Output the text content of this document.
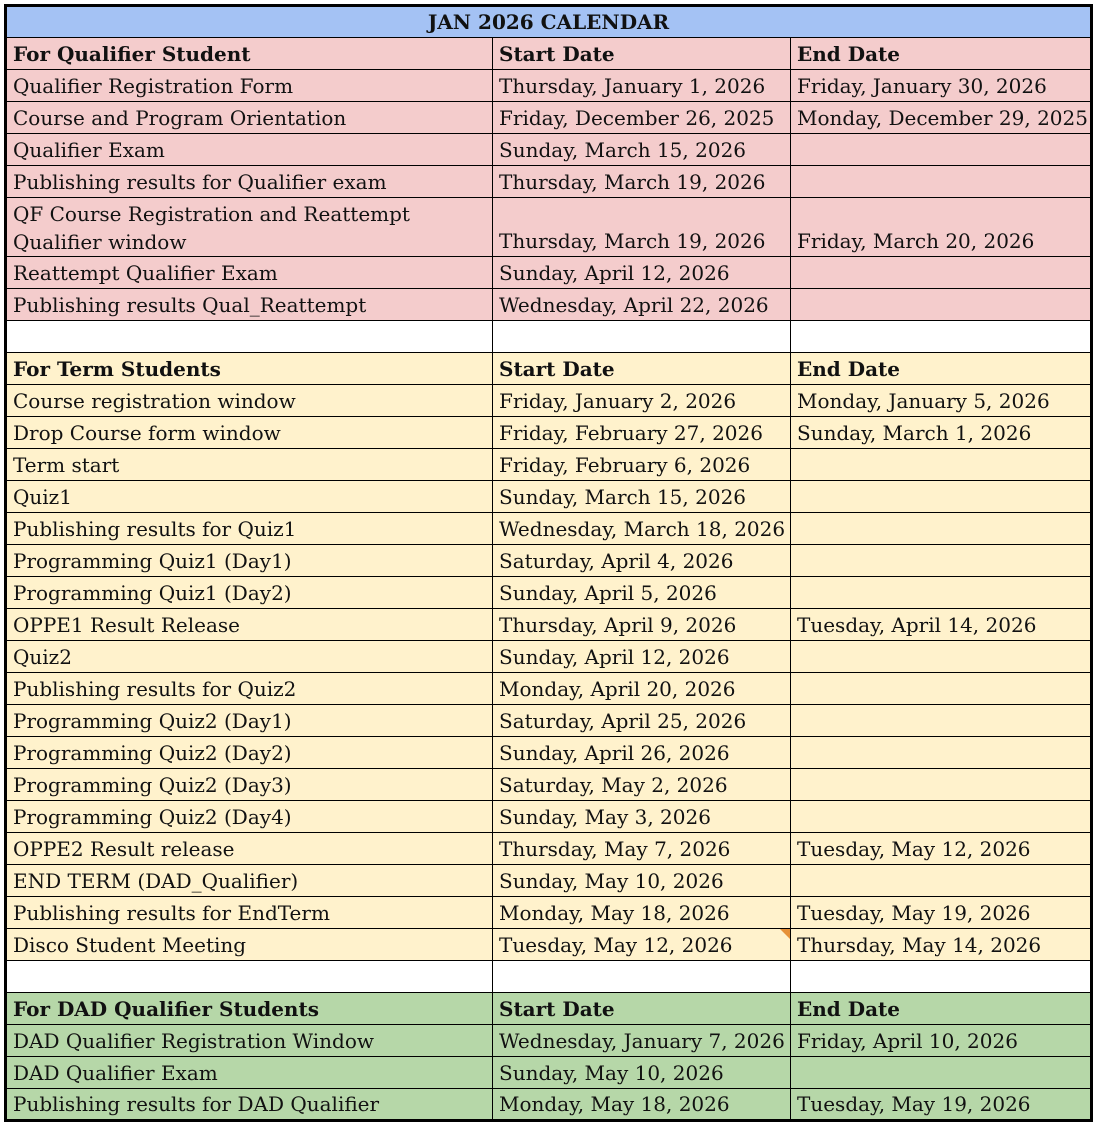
JAN 2026 CALENDAR		
For Qualifier Student	Start Date	End Date
Qualifier Registration Form	Thursday, January 1, 2026	Friday, January 30, 2026
Course and Program Orientation	Friday, December 26, 2025	Monday, December 29, 2025
Qualifier Exam	Sunday, March 15, 2026	
Publishing results for Qualifier exam	Thursday, March 19, 2026	
QF Course Registration and Reattempt Qualifier window	Thursday, March 19, 2026	Friday, March 20, 2026
Reattempt Qualifier Exam	Sunday, April 12, 2026	
Publishing results Qual_Reattempt	Wednesday, April 22, 2026	

For Term Students	Start Date	End Date
Course registration window	Friday, January 2, 2026	Monday, January 5, 2026
Drop Course form window	Friday, February 27, 2026	Sunday, March 1, 2026
Term start	Friday, February 6, 2026	
Quiz1	Sunday, March 15, 2026	
Publishing results for Quiz1	Wednesday, March 18, 2026	
Programming Quiz1 (Day1)	Saturday, April 4, 2026	
Programming Quiz1 (Day2)	Sunday, April 5, 2026	
OPPE1 Result Release	Thursday, April 9, 2026	Tuesday, April 14, 2026
Quiz2	Sunday, April 12, 2026	
Publishing results for Quiz2	Monday, April 20, 2026	
Programming Quiz2 (Day1)	Saturday, April 25, 2026	
Programming Quiz2 (Day2)	Sunday, April 26, 2026	
Programming Quiz2 (Day3)	Saturday, May 2, 2026	
Programming Quiz2 (Day4)	Sunday, May 3, 2026	
OPPE2 Result release	Thursday, May 7, 2026	Tuesday, May 12, 2026
END TERM (DAD_Qualifier)	Sunday, May 10, 2026	
Publishing results for EndTerm	Monday, May 18, 2026	Tuesday, May 19, 2026
Disco Student Meeting	Tuesday, May 12, 2026	Thursday, May 14, 2026

For DAD Qualifier Students	Start Date	End Date
DAD Qualifier Registration Window	Wednesday, January 7, 2026	Friday, April 10, 2026
DAD Qualifier Exam	Sunday, May 10, 2026	
Publishing results for DAD Qualifier	Monday, May 18, 2026	Tuesday, May 19, 2026
